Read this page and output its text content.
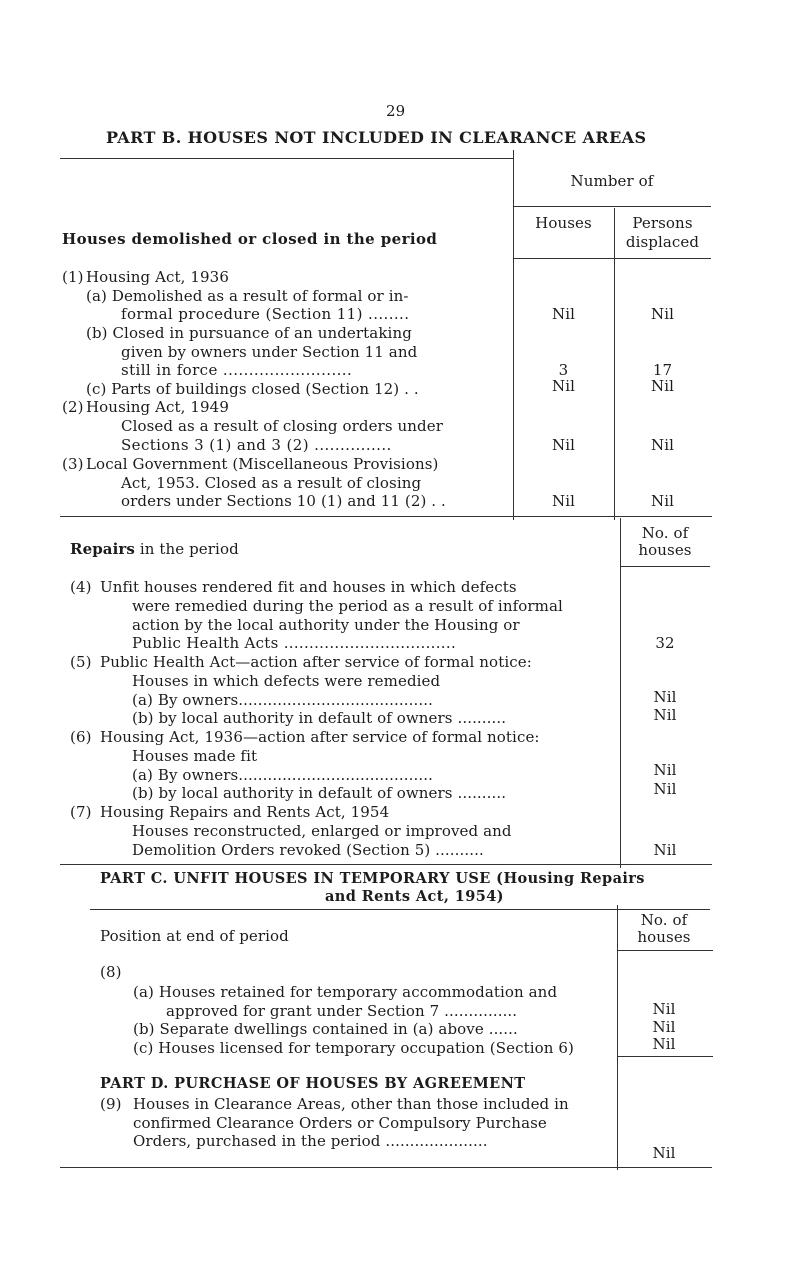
29
PART B. HOUSES NOT INCLUDED IN CLEARANCE AREAS
Number of
Houses	Persons
displaced
Houses demolished or closed in the period
(1) Housing Act, 1936
(a) Demolished as a result of formal or in-
formal procedure (Section 11) ........	Nil	Nil
(b) Closed in pursuance of an undertaking
given by owners under Section 11 and
still in force .........................	3	17
(c) Parts of buildings closed (Section 12) . .	Nil	Nil
(2) Housing Act, 1949
Closed as a result of closing orders under
Sections 3 (1) and 3 (2) ...............	Nil	Nil
(3) Local Government (Miscellaneous Provisions)
Act, 1953. Closed as a result of closing
orders under Sections 10 (1) and 11 (2) . .	Nil	Nil
Repairs in the period
No. of
houses
(4) Unfit houses rendered fit and houses in which defects
were remedied during the period as a result of informal
action by the local authority under the Housing or
Public Health Acts ..................................	32
(5) Public Health Act—action after service of formal notice:
Houses in which defects were remedied
(a) By owners........................................	Nil
(b) by local authority in default of owners ..........	Nil
(6) Housing Act, 1936—action after service of formal notice:
Houses made fit
(a) By owners........................................	Nil
(b) by local authority in default of owners ..........	Nil
(7) Housing Repairs and Rents Act, 1954
Houses reconstructed, enlarged or improved and
Demolition Orders revoked (Section 5) ..........	Nil
PART C. UNFIT HOUSES IN TEMPORARY USE (Housing Repairs
and Rents Act, 1954)
Position at end of period
No. of
houses
(8)
(a) Houses retained for temporary accommodation and
approved for grant under Section 7 ...............	Nil
(b) Separate dwellings contained in (a) above ......	Nil
(c) Houses licensed for temporary occupation (Section 6)	Nil
PART D. PURCHASE OF HOUSES BY AGREEMENT
(9) Houses in Clearance Areas, other than those included in
confirmed Clearance Orders or Compulsory Purchase
Orders, purchased in the period .....................
Nil
